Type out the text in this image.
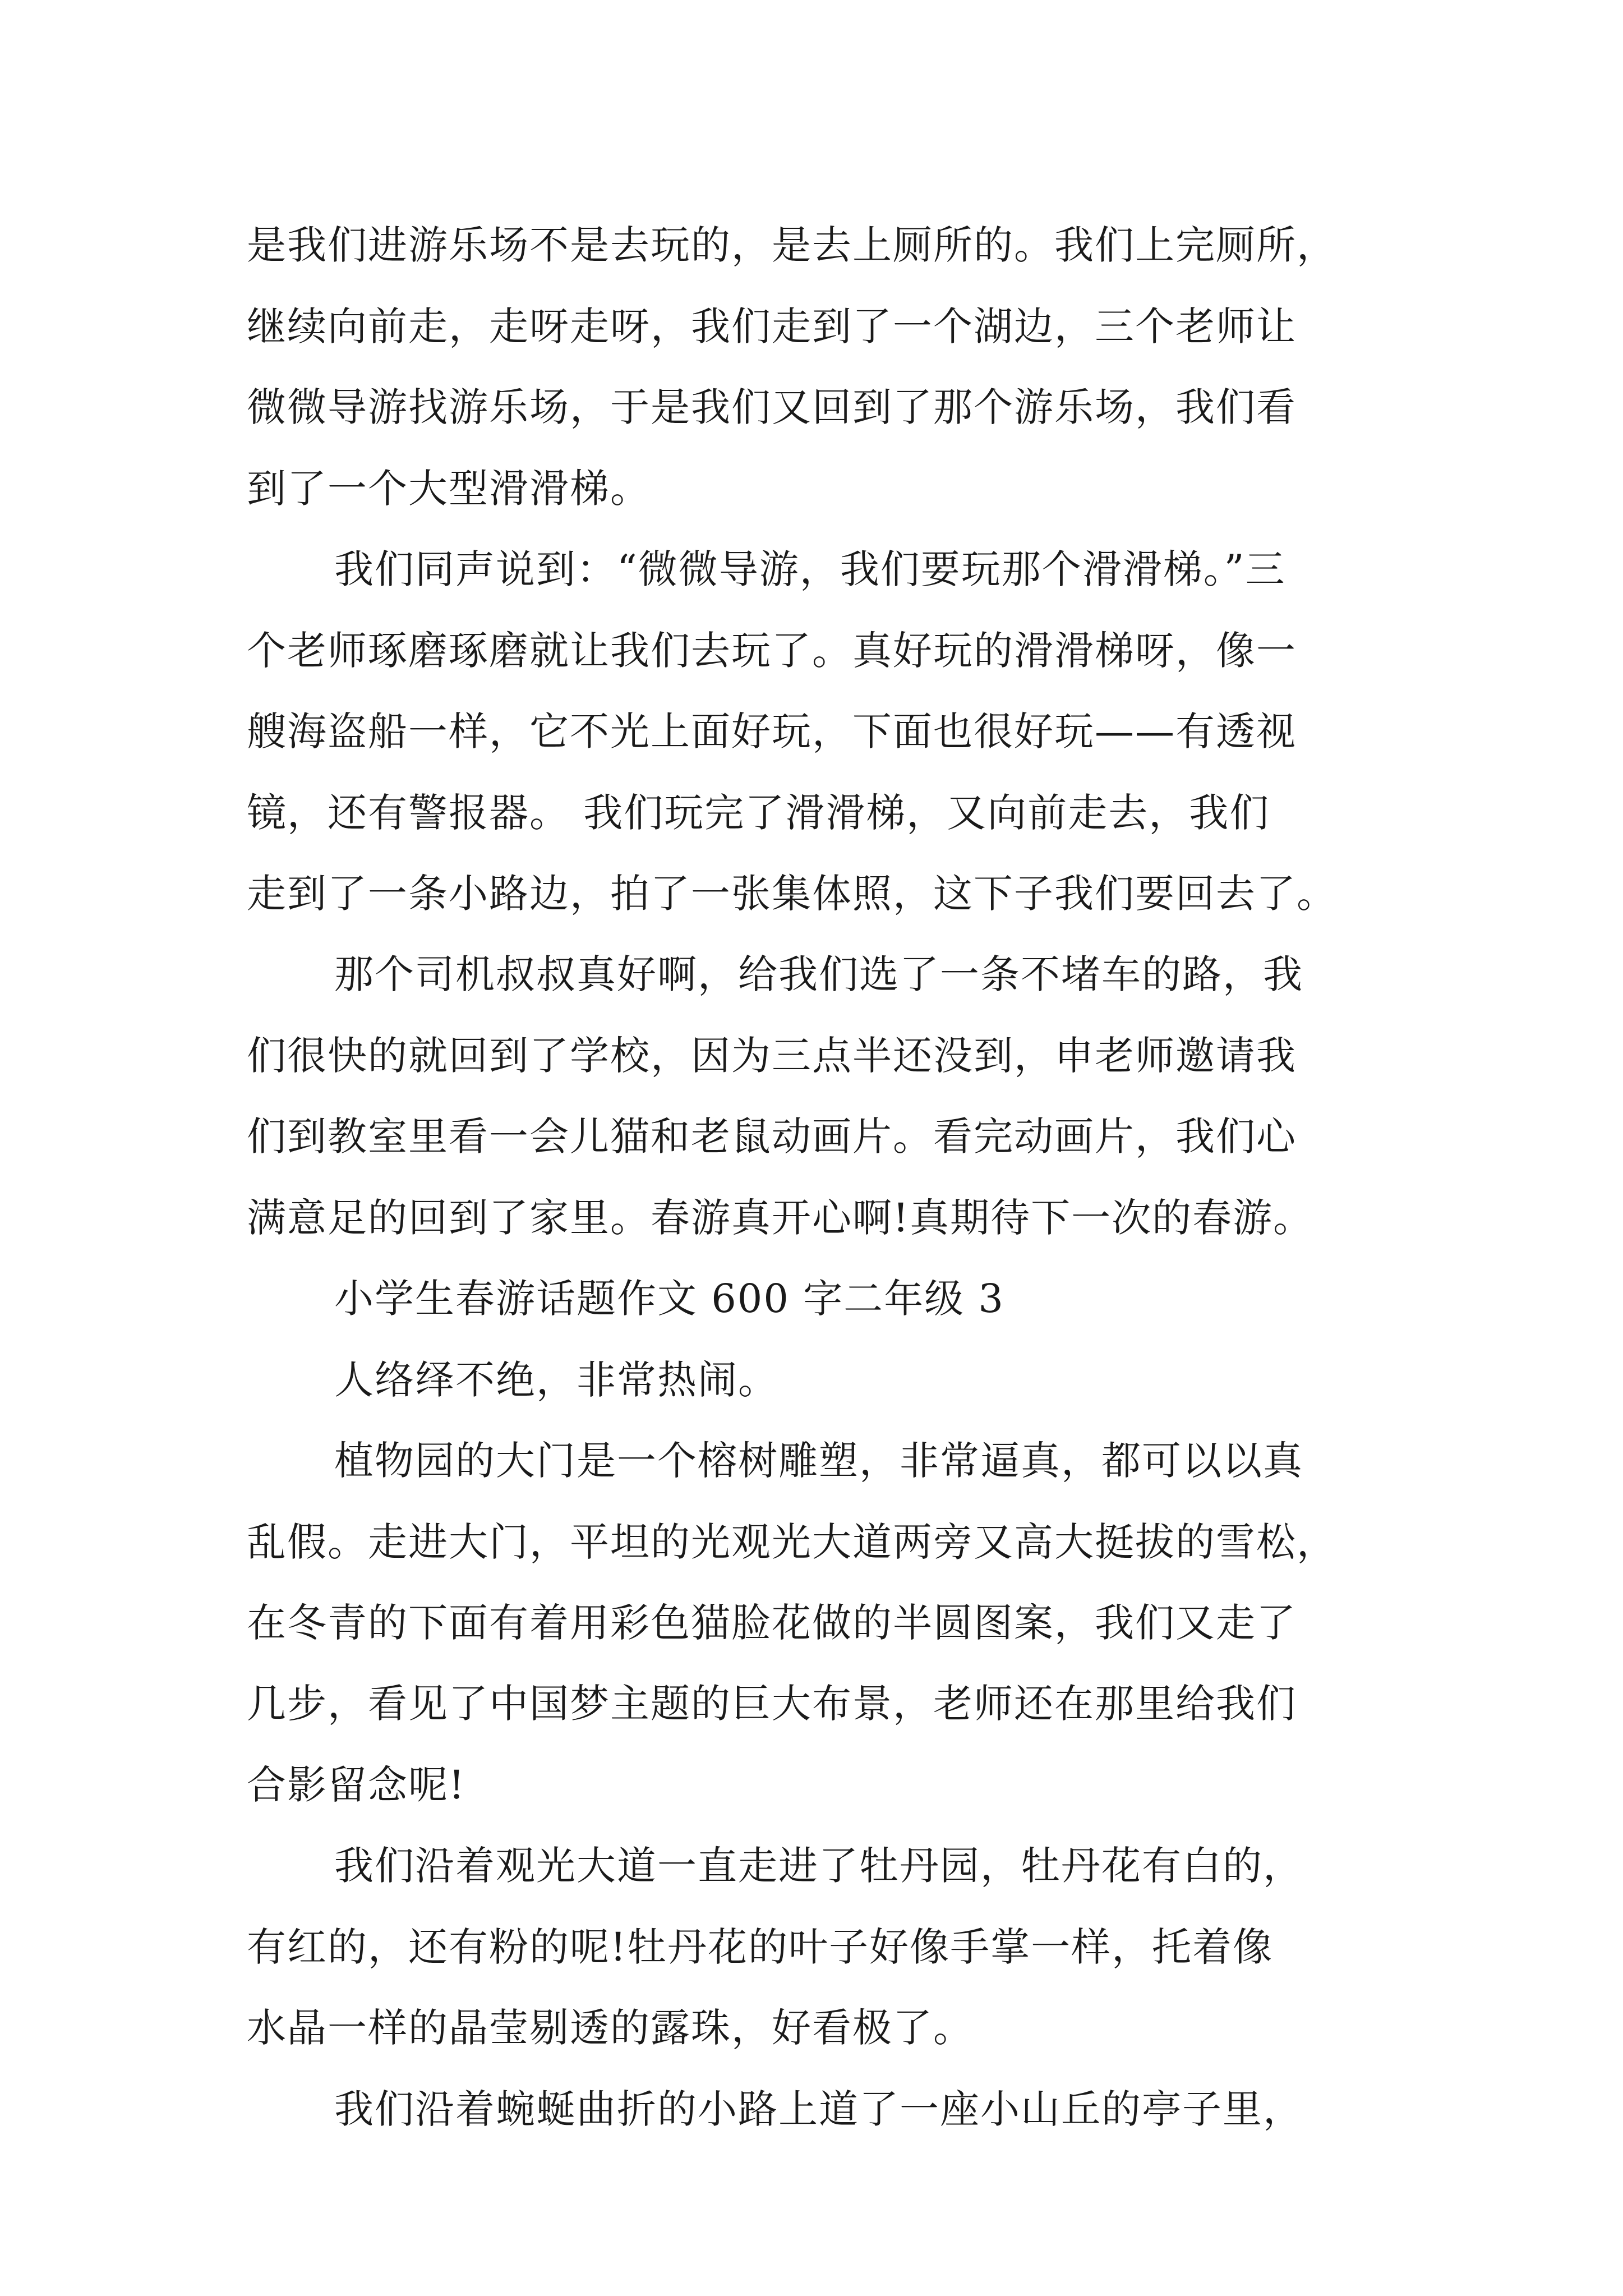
是我们进游乐场不是去玩的，是去上厕所的。我们上完厕所，
继续向前走，走呀走呀，我们走到了一个湖边，三个老师让
微微导游找游乐场，于是我们又回到了那个游乐场，我们看
到了一个大型滑滑梯。
我们同声说到：“微微导游，我们要玩那个滑滑梯。”三
个老师琢磨琢磨就让我们去玩了。真好玩的滑滑梯呀，像一
艘海盗船一样，它不光上面好玩，下面也很好玩——有透视
镜，还有警报器。 我们玩完了滑滑梯，又向前走去，我们
走到了一条小路边，拍了一张集体照，这下子我们要回去了。
那个司机叔叔真好啊，给我们选了一条不堵车的路，我
们很快的就回到了学校，因为三点半还没到，申老师邀请我
们到教室里看一会儿猫和老鼠动画片。看完动画片，我们心
满意足的回到了家里。春游真开心啊!真期待下一次的春游。
小学生春游话题作文 600 字二年级 3
人络绎不绝，非常热闹。
植物园的大门是一个榕树雕塑，非常逼真，都可以以真
乱假。走进大门，平坦的光观光大道两旁又高大挺拔的雪松，
在冬青的下面有着用彩色猫脸花做的半圆图案，我们又走了
几步，看见了中国梦主题的巨大布景，老师还在那里给我们
合影留念呢!
我们沿着观光大道一直走进了牡丹园，牡丹花有白的，
有红的，还有粉的呢!牡丹花的叶子好像手掌一样，托着像
水晶一样的晶莹剔透的露珠，好看极了。
我们沿着蜿蜒曲折的小路上道了一座小山丘的亭子里，
